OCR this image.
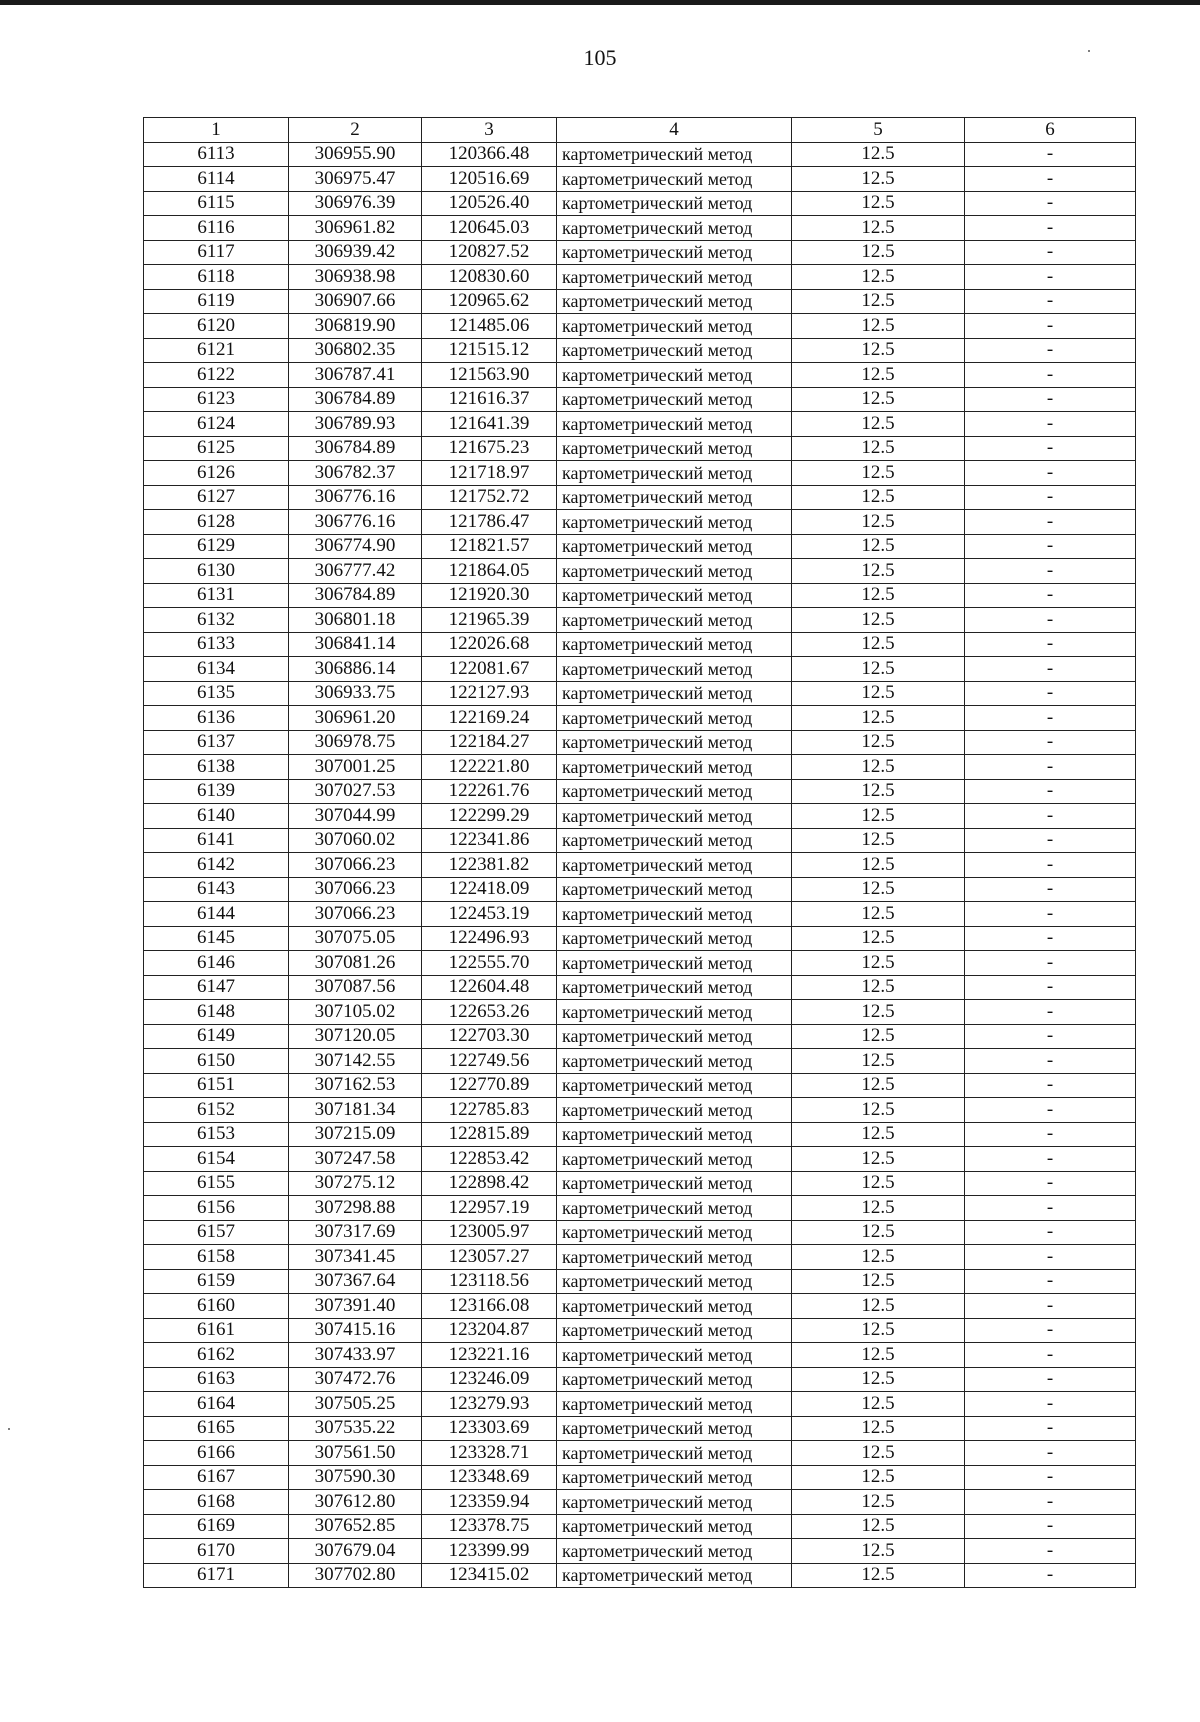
105
1	2	3	4	5	6
6113	306955.90	120366.48	картометрический метод	12.5	-
6114	306975.47	120516.69	картометрический метод	12.5	-
6115	306976.39	120526.40	картометрический метод	12.5	-
6116	306961.82	120645.03	картометрический метод	12.5	-
6117	306939.42	120827.52	картометрический метод	12.5	-
6118	306938.98	120830.60	картометрический метод	12.5	-
6119	306907.66	120965.62	картометрический метод	12.5	-
6120	306819.90	121485.06	картометрический метод	12.5	-
6121	306802.35	121515.12	картометрический метод	12.5	-
6122	306787.41	121563.90	картометрический метод	12.5	-
6123	306784.89	121616.37	картометрический метод	12.5	-
6124	306789.93	121641.39	картометрический метод	12.5	-
6125	306784.89	121675.23	картометрический метод	12.5	-
6126	306782.37	121718.97	картометрический метод	12.5	-
6127	306776.16	121752.72	картометрический метод	12.5	-
6128	306776.16	121786.47	картометрический метод	12.5	-
6129	306774.90	121821.57	картометрический метод	12.5	-
6130	306777.42	121864.05	картометрический метод	12.5	-
6131	306784.89	121920.30	картометрический метод	12.5	-
6132	306801.18	121965.39	картометрический метод	12.5	-
6133	306841.14	122026.68	картометрический метод	12.5	-
6134	306886.14	122081.67	картометрический метод	12.5	-
6135	306933.75	122127.93	картометрический метод	12.5	-
6136	306961.20	122169.24	картометрический метод	12.5	-
6137	306978.75	122184.27	картометрический метод	12.5	-
6138	307001.25	122221.80	картометрический метод	12.5	-
6139	307027.53	122261.76	картометрический метод	12.5	-
6140	307044.99	122299.29	картометрический метод	12.5	-
6141	307060.02	122341.86	картометрический метод	12.5	-
6142	307066.23	122381.82	картометрический метод	12.5	-
6143	307066.23	122418.09	картометрический метод	12.5	-
6144	307066.23	122453.19	картометрический метод	12.5	-
6145	307075.05	122496.93	картометрический метод	12.5	-
6146	307081.26	122555.70	картометрический метод	12.5	-
6147	307087.56	122604.48	картометрический метод	12.5	-
6148	307105.02	122653.26	картометрический метод	12.5	-
6149	307120.05	122703.30	картометрический метод	12.5	-
6150	307142.55	122749.56	картометрический метод	12.5	-
6151	307162.53	122770.89	картометрический метод	12.5	-
6152	307181.34	122785.83	картометрический метод	12.5	-
6153	307215.09	122815.89	картометрический метод	12.5	-
6154	307247.58	122853.42	картометрический метод	12.5	-
6155	307275.12	122898.42	картометрический метод	12.5	-
6156	307298.88	122957.19	картометрический метод	12.5	-
6157	307317.69	123005.97	картометрический метод	12.5	-
6158	307341.45	123057.27	картометрический метод	12.5	-
6159	307367.64	123118.56	картометрический метод	12.5	-
6160	307391.40	123166.08	картометрический метод	12.5	-
6161	307415.16	123204.87	картометрический метод	12.5	-
6162	307433.97	123221.16	картометрический метод	12.5	-
6163	307472.76	123246.09	картометрический метод	12.5	-
6164	307505.25	123279.93	картометрический метод	12.5	-
6165	307535.22	123303.69	картометрический метод	12.5	-
6166	307561.50	123328.71	картометрический метод	12.5	-
6167	307590.30	123348.69	картометрический метод	12.5	-
6168	307612.80	123359.94	картометрический метод	12.5	-
6169	307652.85	123378.75	картометрический метод	12.5	-
6170	307679.04	123399.99	картометрический метод	12.5	-
6171	307702.80	123415.02	картометрический метод	12.5	-
